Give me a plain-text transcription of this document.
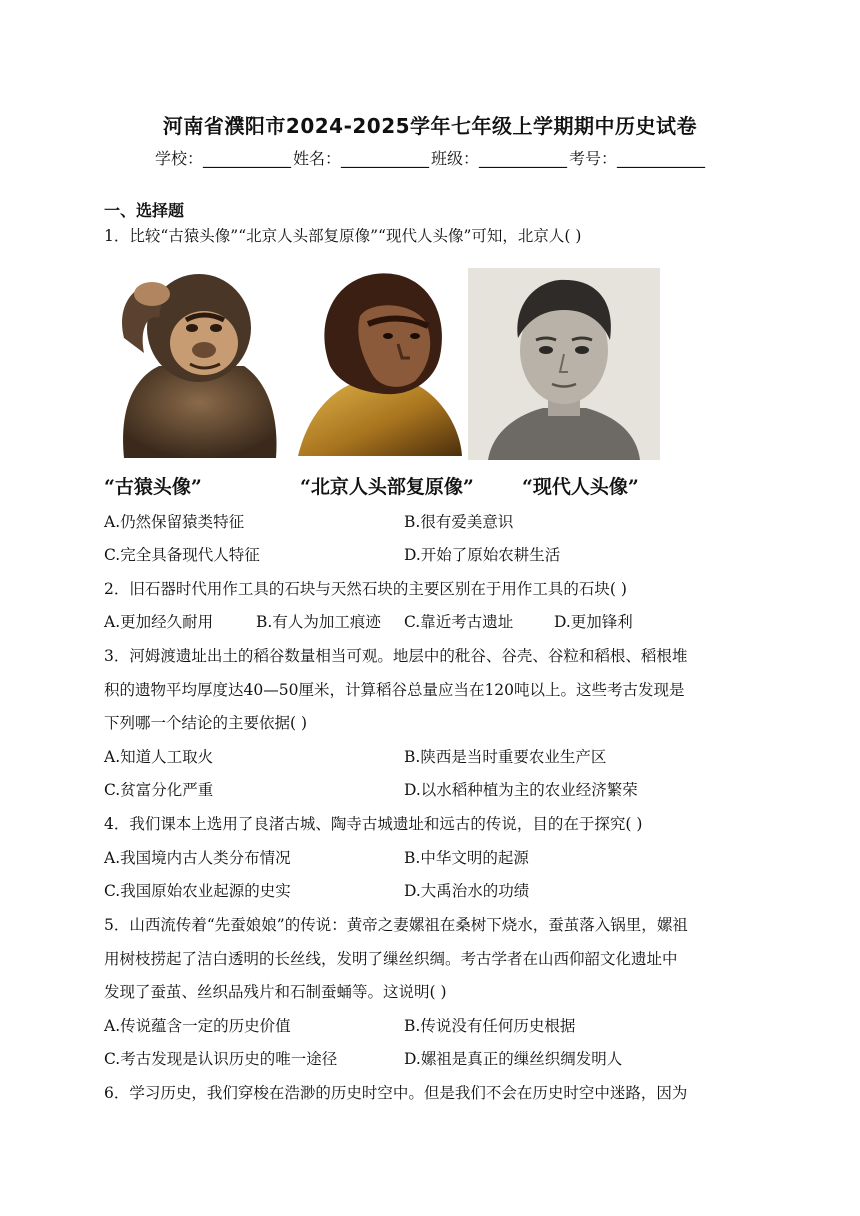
河南省濮阳市2024-2025学年七年级上学期期中历史试卷
学校：___________ 姓名：___________ 班级：___________ 考号：___________
一、选择题
1．比较“古猿头像”“北京人头部复原像”“现代人头像”可知，北京人( )
“古猿头像”	“北京人头部复原像”	“现代人头像”
A.仍然保留猿类特征	B.很有爱美意识
C.完全具备现代人特征	D.开始了原始农耕生活
2．旧石器时代用作工具的石块与天然石块的主要区别在于用作工具的石块( )
A.更加经久耐用	B.有人为加工痕迹 C.靠近考古遗址	D.更加锋利
3．河姆渡遗址出土的稻谷数量相当可观。地层中的秕谷、谷壳、谷粒和稻根、稻根堆
积的遗物平均厚度达40—50厘米，计算稻谷总量应当在120吨以上。这些考古发现是
下列哪一个结论的主要依据( )
A.知道人工取火	B.陕西是当时重要农业生产区
C.贫富分化严重	D.以水稻种植为主的农业经济繁荣
4．我们课本上选用了良渚古城、陶寺古城遗址和远古的传说，目的在于探究( )
A.我国境内古人类分布情况	B.中华文明的起源
C.我国原始农业起源的史实	D.大禹治水的功绩
5．山西流传着“先蚕娘娘”的传说：黄帝之妻嫘祖在桑树下烧水，蚕茧落入锅里，嫘祖
用树枝捞起了洁白透明的长丝线，发明了缫丝织绸。考古学者在山西仰韶文化遗址中
发现了蚕茧、丝织品残片和石制蚕蛹等。这说明( )
A.传说蕴含一定的历史价值	B.传说没有任何历史根据
C.考古发现是认识历史的唯一途径	D.嫘祖是真正的缫丝织绸发明人
6．学习历史，我们穿梭在浩渺的历史时空中。但是我们不会在历史时空中迷路，因为
